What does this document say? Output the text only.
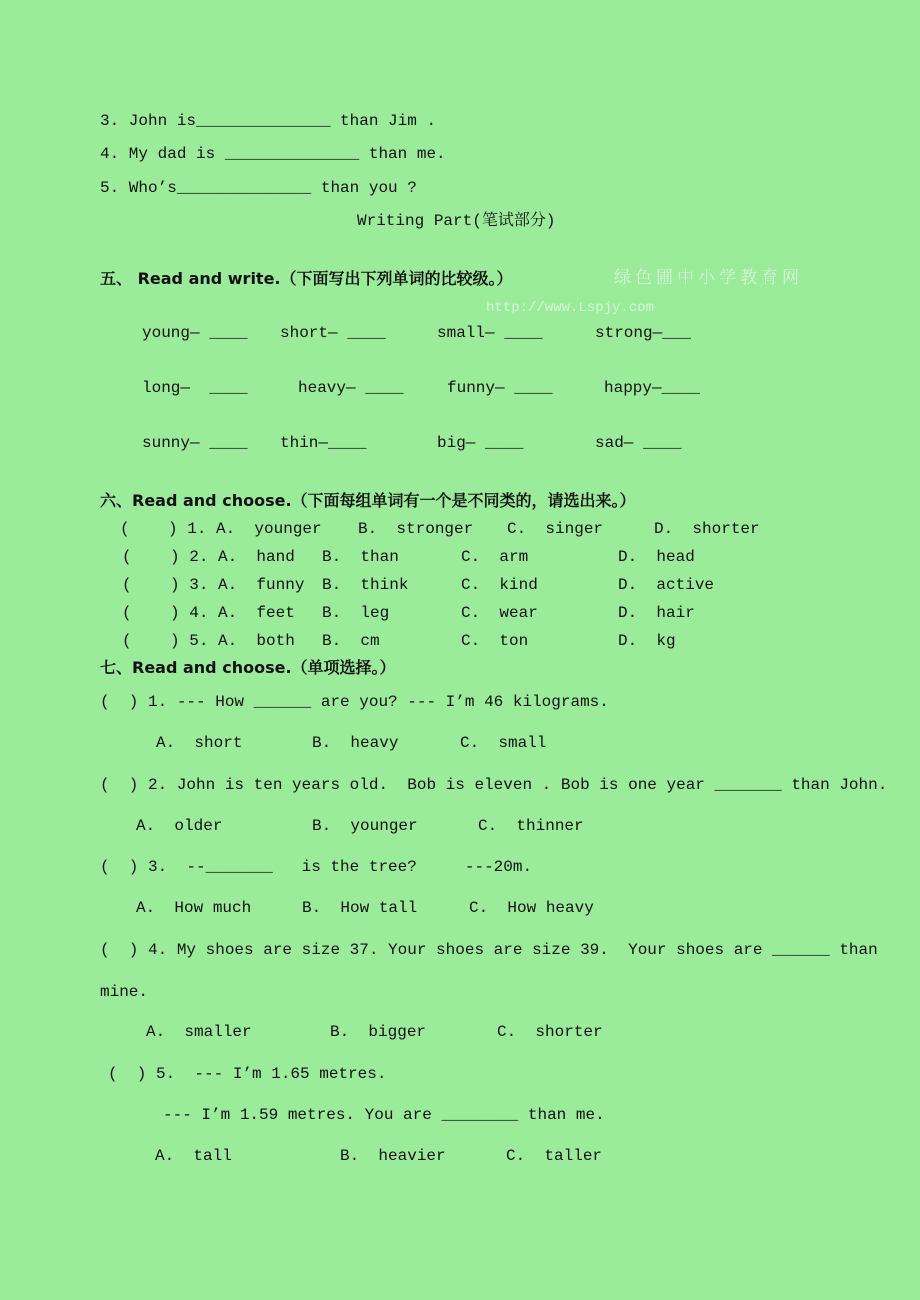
3. John is______________ than Jim .
4. My dad is ______________ than me.
5. Who’s______________ than you ?
Writing Part(笔试部分)
五、 Read and write.（下面写出下列单词的比较级。）	绿色圃中小学教育网
http://www.Lspjy.com
六、Read and choose.（下面每组单词有一个是不同类的，请选出来。）
七、Read and choose.（单项选择。）
(  ) 1. --- How ______ are you? --- I’m 46 kilograms.
(  ) 2. John is ten years old.  Bob is eleven . Bob is one year _______ than John.
(  ) 3.  --_______   is the tree?     ---20m.
(  ) 4. My shoes are size 37. Your shoes are size 39.  Your shoes are ______ than
mine.
(  ) 5.  --- I’m 1.65 metres.
--- I’m 1.59 metres. You are ________ than me.
young— ____ short— ____	small— ____	strong—___
long—  ____	heavy— ____	funny— ____	happy—____
sunny— ____ thin—____	big— ____	sad— ____
(    ) 1. A.  younger B.  stronger C.  singer	D.  shorter
(    ) 2. A.  hand B.  than	C.  arm	D.  head
(    ) 3. A.  funny B.  think	C.  kind	D.  active
(    ) 4. A.  feet B.  leg	C.  wear	D.  hair
(    ) 5. A.  both B.  cm	C.  ton	D.  kg
A.  short	B.  heavy	C.  small
A.  older	B.  younger	C.  thinner
A.  How much	B.  How tall	C.  How heavy
A.  smaller	B.  bigger	C.  shorter
A.  tall	B.  heavier	C.  taller
